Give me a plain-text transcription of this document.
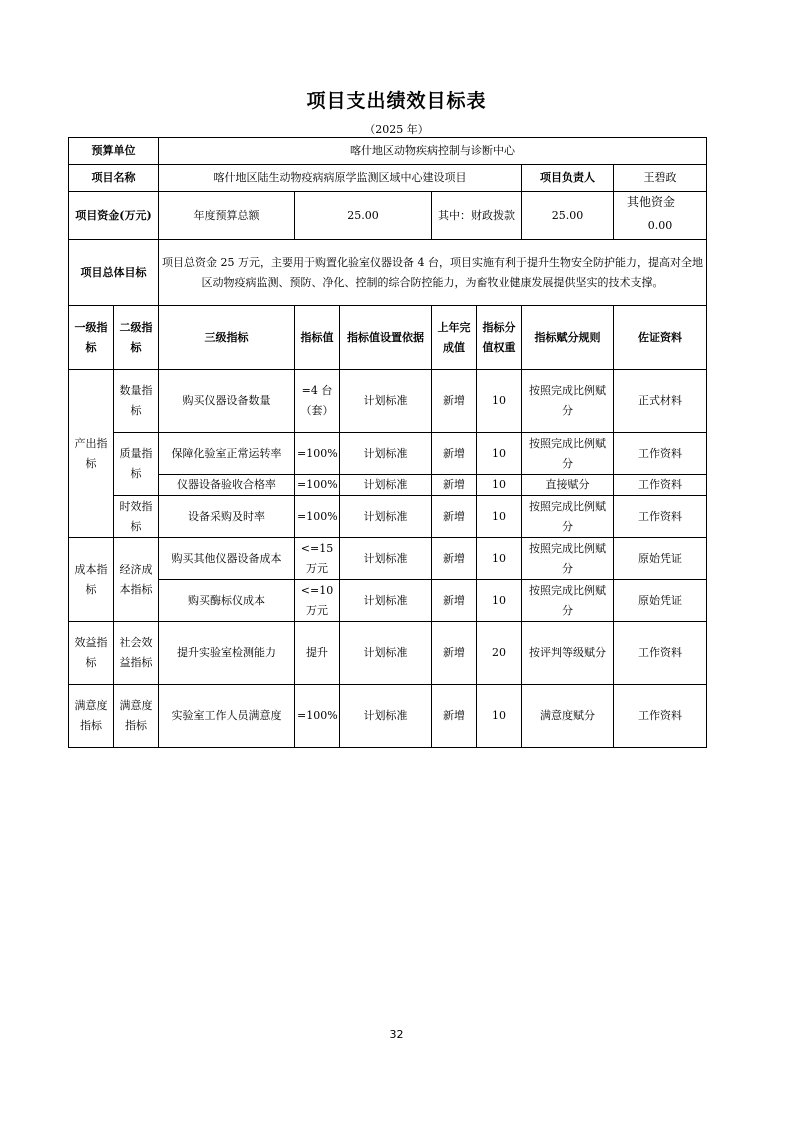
项目支出绩效目标表
（2025 年）
预算单位		喀什地区动物疾病控制与诊断中心						
项目名称		喀什地区陆生动物疫病病原学监测区域中心建设项目					项目负责人	王碧政
项目资金(万元)		年度预算总额	25.00		其中：财政拨款		25.00	其他资金 0.00
项目总体目标		项目总资金 25 万元，主要用于购置化验室仪器设备 4 台，项目实施有利于提升生物安全防护能力，提高对全地区动物疫病监测、预防、净化、控制的综合防控能力，为畜牧业健康发展提供坚实的技术支撑。						
一级指标	二级指标	三级指标	指标值	指标值设置依据	上年完成值	指标分值权重	指标赋分规则	佐证资料
产出指标	数量指标	购买仪器设备数量	=4 台（套）	计划标准	新增	10	按照完成比例赋分	正式材料
	质量指标	保障化验室正常运转率	=100%	计划标准	新增	10	按照完成比例赋分	工作资料
		仪器设备验收合格率	=100%	计划标准	新增	10	直接赋分	工作资料
	时效指标	设备采购及时率	=100%	计划标准	新增	10	按照完成比例赋分	工作资料
成本指标	经济成本指标	购买其他仪器设备成本	<=15 万元	计划标准	新增	10	按照完成比例赋分	原始凭证
		购买酶标仪成本	<=10 万元	计划标准	新增	10	按照完成比例赋分	原始凭证
效益指标	社会效益指标	提升实验室检测能力	提升	计划标准	新增	20	按评判等级赋分	工作资料
满意度指标	满意度指标	实验室工作人员满意度	=100%	计划标准	新增	10	满意度赋分	工作资料
32
